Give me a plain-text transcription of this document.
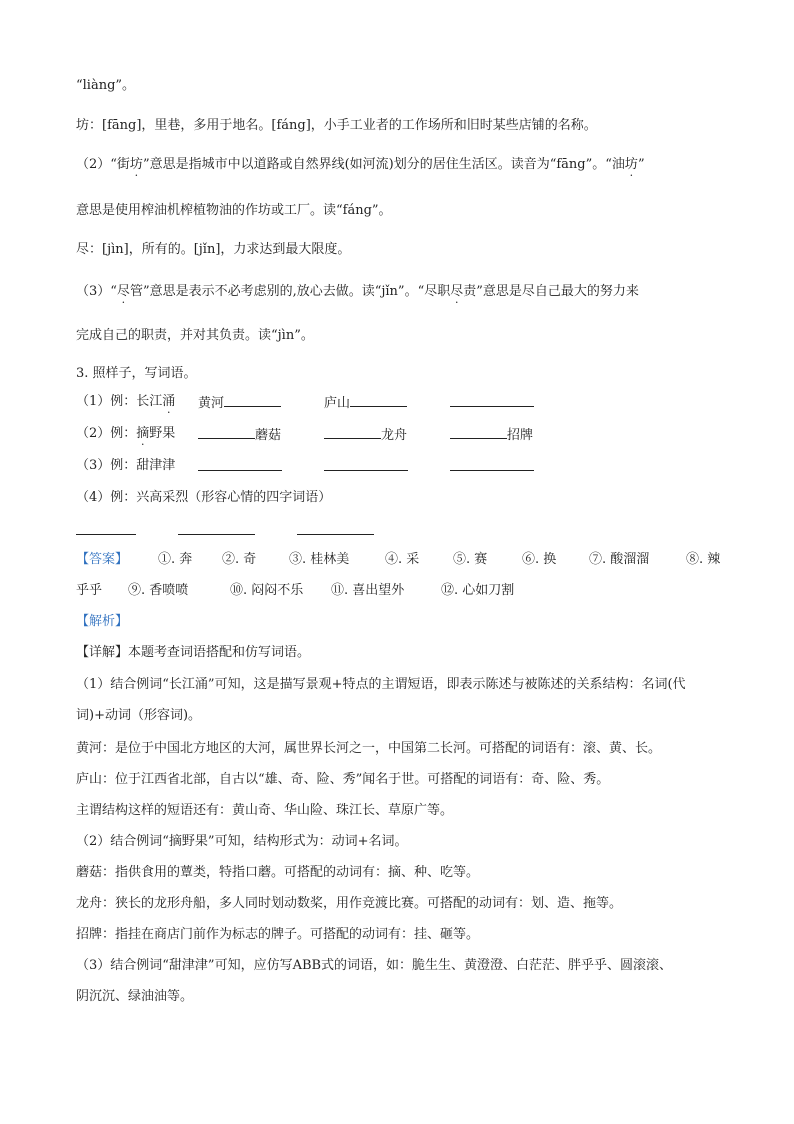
“liàng”。
坊：[fāng]，里巷，多用于地名。[fáng]，小手工业者的工作场所和旧时某些店铺的名称。
（2）“街坊”意思是指城市中以道路或自然界线(如河流)划分的居住生活区。读音为“fāng”。“油坊”
意思是使用榨油机榨植物油的作坊或工厂。读“fáng”。
尽：[jìn]，所有的。[jǐn]，力求达到最大限度。
（3）“尽管”意思是表示不必考虑别的,放心去做。读“jǐn”。“尽职尽责”意思是尽自己最大的努力来
完成自己的职责，并对其负责。读“jìn”。
3. 照样子，写词语。
（1）例：长江涌 黄河	庐山
（2）例：摘野果	蘑菇	龙舟	招牌
（3）例：甜津津
（4）例：兴高采烈（形容心情的四字词语）
【答案】 ①. 奔 ②. 奇	③. 桂林美	④. 采	⑤. 赛	⑥. 换	⑦. 酸溜溜	⑧. 辣
乎乎 ⑨. 香喷喷	⑩. 闷闷不乐 ⑪. 喜出望外	⑫. 心如刀割
【解析】
【详解】本题考查词语搭配和仿写词语。
（1）结合例词“长江涌”可知，这是描写景观+特点的主谓短语，即表示陈述与被陈述的关系结构：名词(代
词)+动词（形容词)。
黄河：是位于中国北方地区的大河，属世界长河之一，中国第二长河。可搭配的词语有：滚、黄、长。
庐山：位于江西省北部，自古以“雄、奇、险、秀”闻名于世。可搭配的词语有：奇、险、秀。
主谓结构这样的短语还有：黄山奇、华山险、珠江长、草原广等。
（2）结合例词“摘野果”可知，结构形式为：动词+名词。
蘑菇：指供食用的蕈类，特指口蘑。可搭配的动词有：摘、种、吃等。
龙舟：狭长的龙形舟船，多人同时划动数桨，用作竞渡比赛。可搭配的动词有：划、造、拖等。
招牌：指挂在商店门前作为标志的牌子。可搭配的动词有：挂、砸等。
（3）结合例词“甜津津”可知，应仿写ABB式的词语，如：脆生生、黄澄澄、白茫茫、胖乎乎、圆滚滚、
阴沉沉、绿油油等。
